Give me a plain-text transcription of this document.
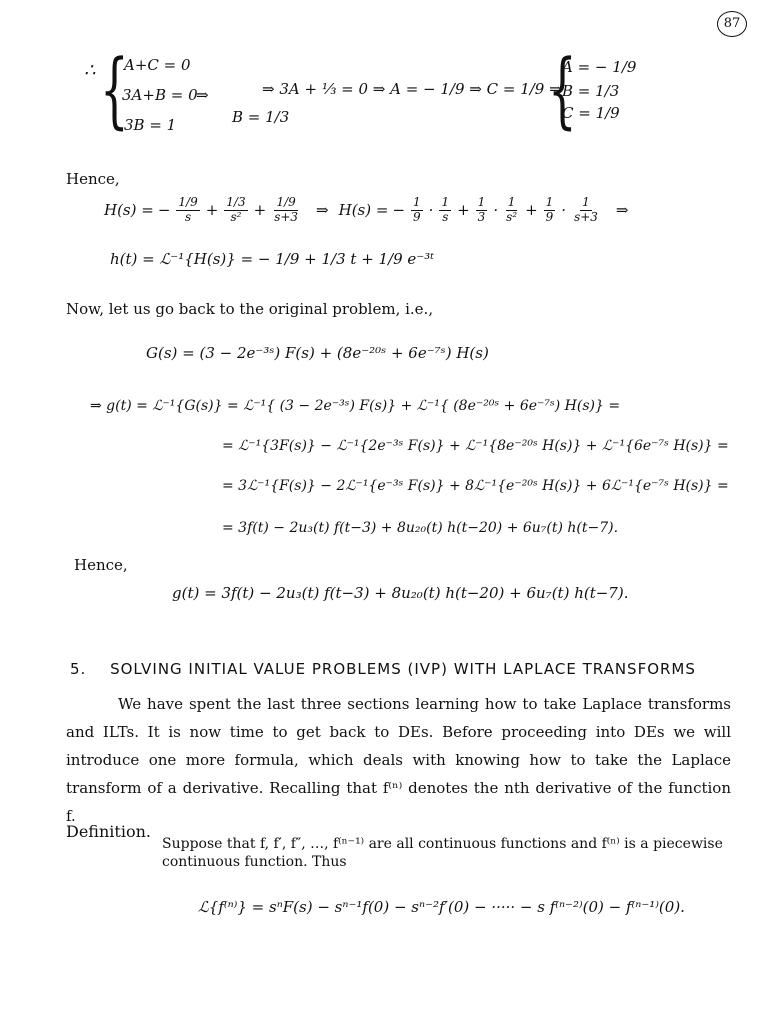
87
∴ {
A+C = 0
3A+B = 0
⇒
3B = 1	B = 1/3
⇒ 3A + ⅓ = 0 ⇒ A = − 1/9 ⇒ C = 1/9 ⇒
{
A = − 1/9
B = 1/3
C = 1/9
Hence,
H(s) = − $\frac{1/9}{s} + \frac{1/3}{\text{s²}} + \frac{1/9}{s+3}$ ⇒ H(s) = − $\frac{1}{9} \cdot \frac{1}{s} + \frac{1}{3} \cdot \frac{1}{\text{s²}} + \frac{1}{9} \cdot \frac{1}{s+3}$ ⇒
h(t) = ℒ⁻¹{H(s)} = − 1/9 + 1/3 t + 1/9 e⁻³ᵗ
Now, let us go back to the original problem, i.e.,
G(s) = (3 − 2e⁻³ˢ) F(s) + (8e⁻²⁰ˢ + 6e⁻⁷ˢ) H(s)
⇒ g(t) = ℒ⁻¹{G(s)} = ℒ⁻¹{ (3 − 2e⁻³ˢ) F(s)} + ℒ⁻¹{ (8e⁻²⁰ˢ + 6e⁻⁷ˢ) H(s)} =
= ℒ⁻¹{3F(s)} − ℒ⁻¹{2e⁻³ˢ F(s)} + ℒ⁻¹{8e⁻²⁰ˢ H(s)} + ℒ⁻¹{6e⁻⁷ˢ H(s)} =
= 3ℒ⁻¹{F(s)} − 2ℒ⁻¹{e⁻³ˢ F(s)} + 8ℒ⁻¹{e⁻²⁰ˢ H(s)} + 6ℒ⁻¹{e⁻⁷ˢ H(s)} =
= 3f(t) − 2u₃(t) f(t−3) + 8u₂₀(t) h(t−20) + 6u₇(t) h(t−7).
Hence,
g(t) = 3f(t) − 2u₃(t) f(t−3) + 8u₂₀(t) h(t−20) + 6u₇(t) h(t−7).
5. SOLVING INITIAL VALUE PROBLEMS (IVP) WITH LAPLACE TRANSFORMS
We have spent the last three sections learning how to take Laplace transforms and ILTs. It is now time to get back to DEs. Before proceeding into DEs we will introduce one more formula, which deals with knowing how to take the Laplace transform of a derivative. Recalling that f⁽ⁿ⁾ denotes the nth derivative of the function f.
Definition.
Suppose that f, f′, f″, …, f⁽ⁿ⁻¹⁾ are all continuous functions and f⁽ⁿ⁾ is a piecewise
continuous function. Thus
ℒ{f⁽ⁿ⁾} = sⁿF(s) − sⁿ⁻¹f(0) − sⁿ⁻²f′(0) − ····· − s f⁽ⁿ⁻²⁾(0) − f⁽ⁿ⁻¹⁾(0).
